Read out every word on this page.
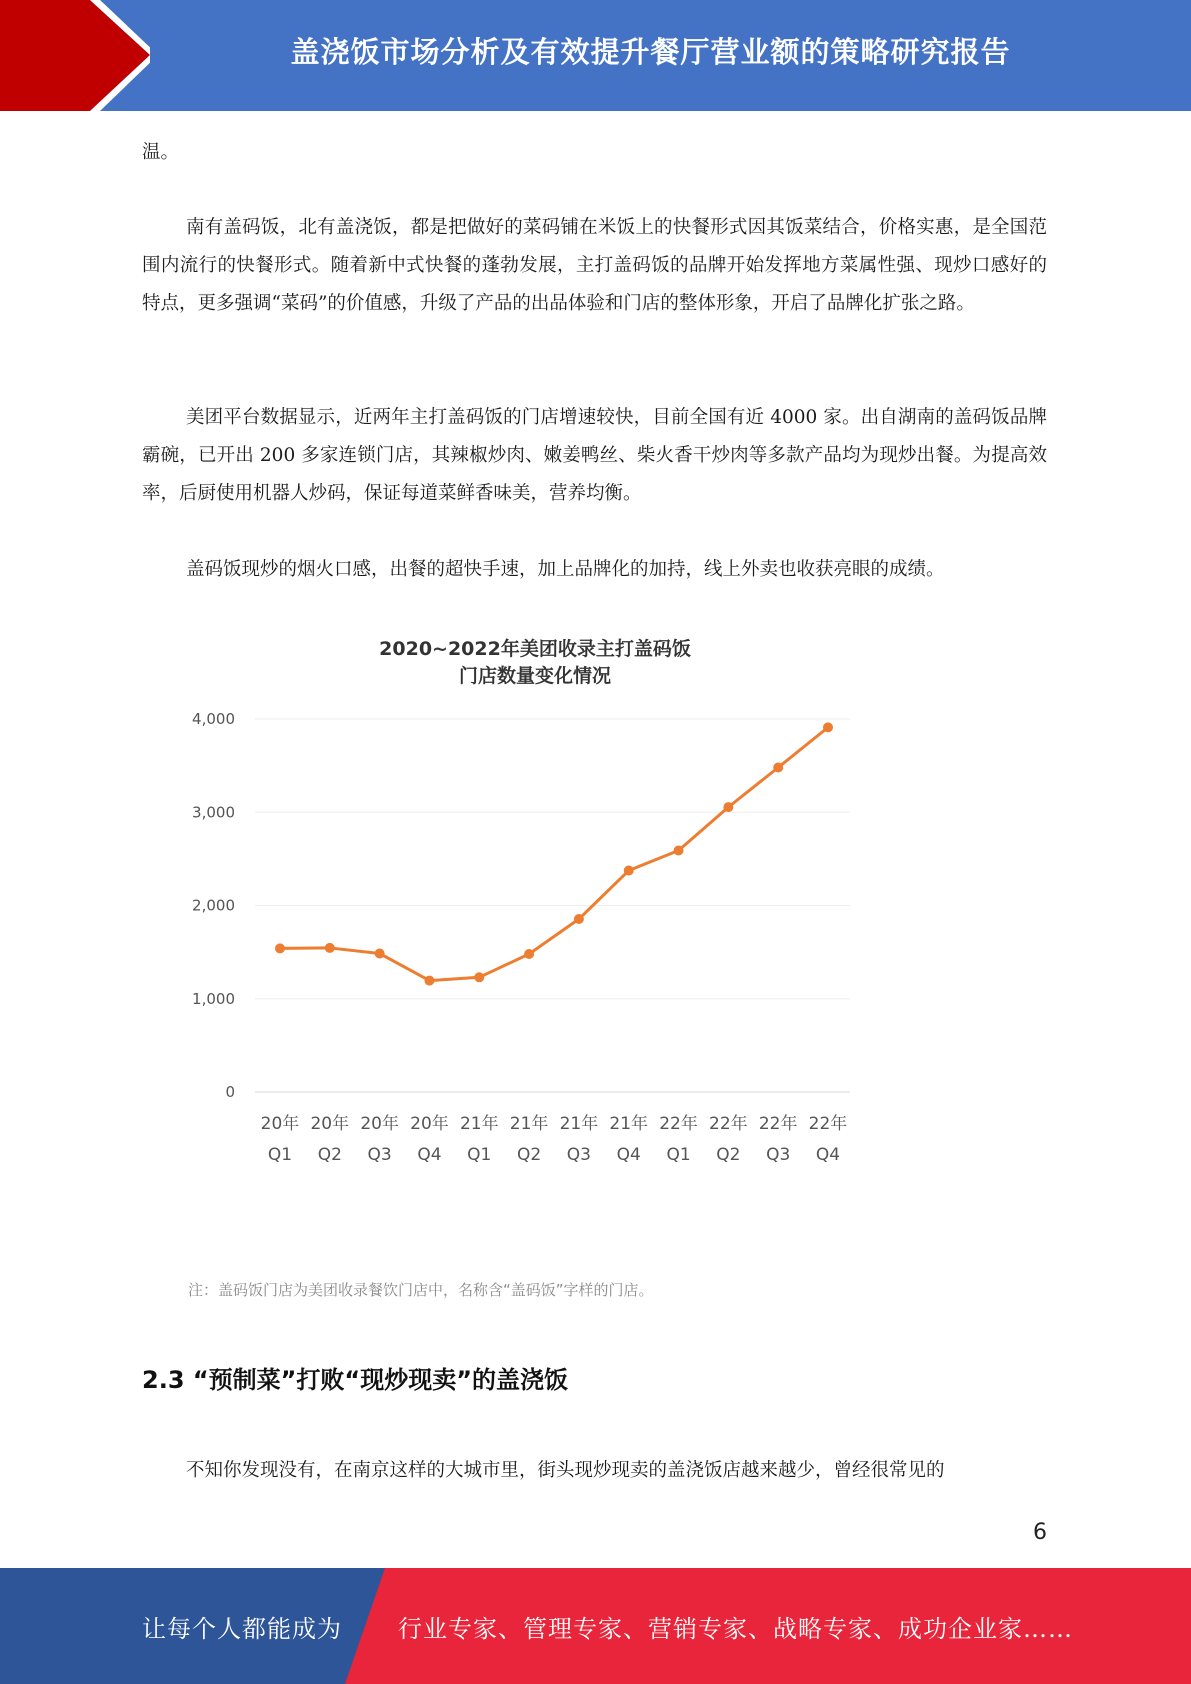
盖浇饭市场分析及有效提升餐厅营业额的策略研究报告

温。

南有盖码饭，北有盖浇饭，都是把做好的菜码铺在米饭上的快餐形式因其饭菜结合，价格实惠，是全国范围内流行的快餐形式。随着新中式快餐的蓬勃发展，主打盖码饭的品牌开始发挥地方菜属性强、现炒口感好的特点，更多强调“菜码”的价值感，升级了产品的出品体验和门店的整体形象，开启了品牌化扩张之路。

美团平台数据显示，近两年主打盖码饭的门店增速较快，目前全国有近 4000 家。出自湖南的盖码饭品牌霸碗，已开出 200 多家连锁门店，其辣椒炒肉、嫩姜鸭丝、柴火香干炒肉等多款产品均为现炒出餐。为提高效率，后厨使用机器人炒码，保证每道菜鲜香味美，营养均衡。

盖码饭现炒的烟火口感，出餐的超快手速，加上品牌化的加持，线上外卖也收获亮眼的成绩。

2020~2022年美团收录主打盖码饭
门店数量变化情况
0
1,000
2,000
3,000
4,000
20年
Q1
20年
Q2
20年
Q3
20年
Q4
21年
Q1
21年
Q2
21年
Q3
21年
Q4
22年
Q1
22年
Q2
22年
Q3
22年
Q4
注：盖码饭门店为美团收录餐饮门店中，名称含“盖码饭”字样的门店。
2.3 “预制菜”打败“现炒现卖”的盖浇饭

不知你发现没有，在南京这样的大城市里，街头现炒现卖的盖浇饭店越来越少，曾经很常见的

6
让每个人都能成为 行业专家、管理专家、营销专家、战略专家、成功企业家……
